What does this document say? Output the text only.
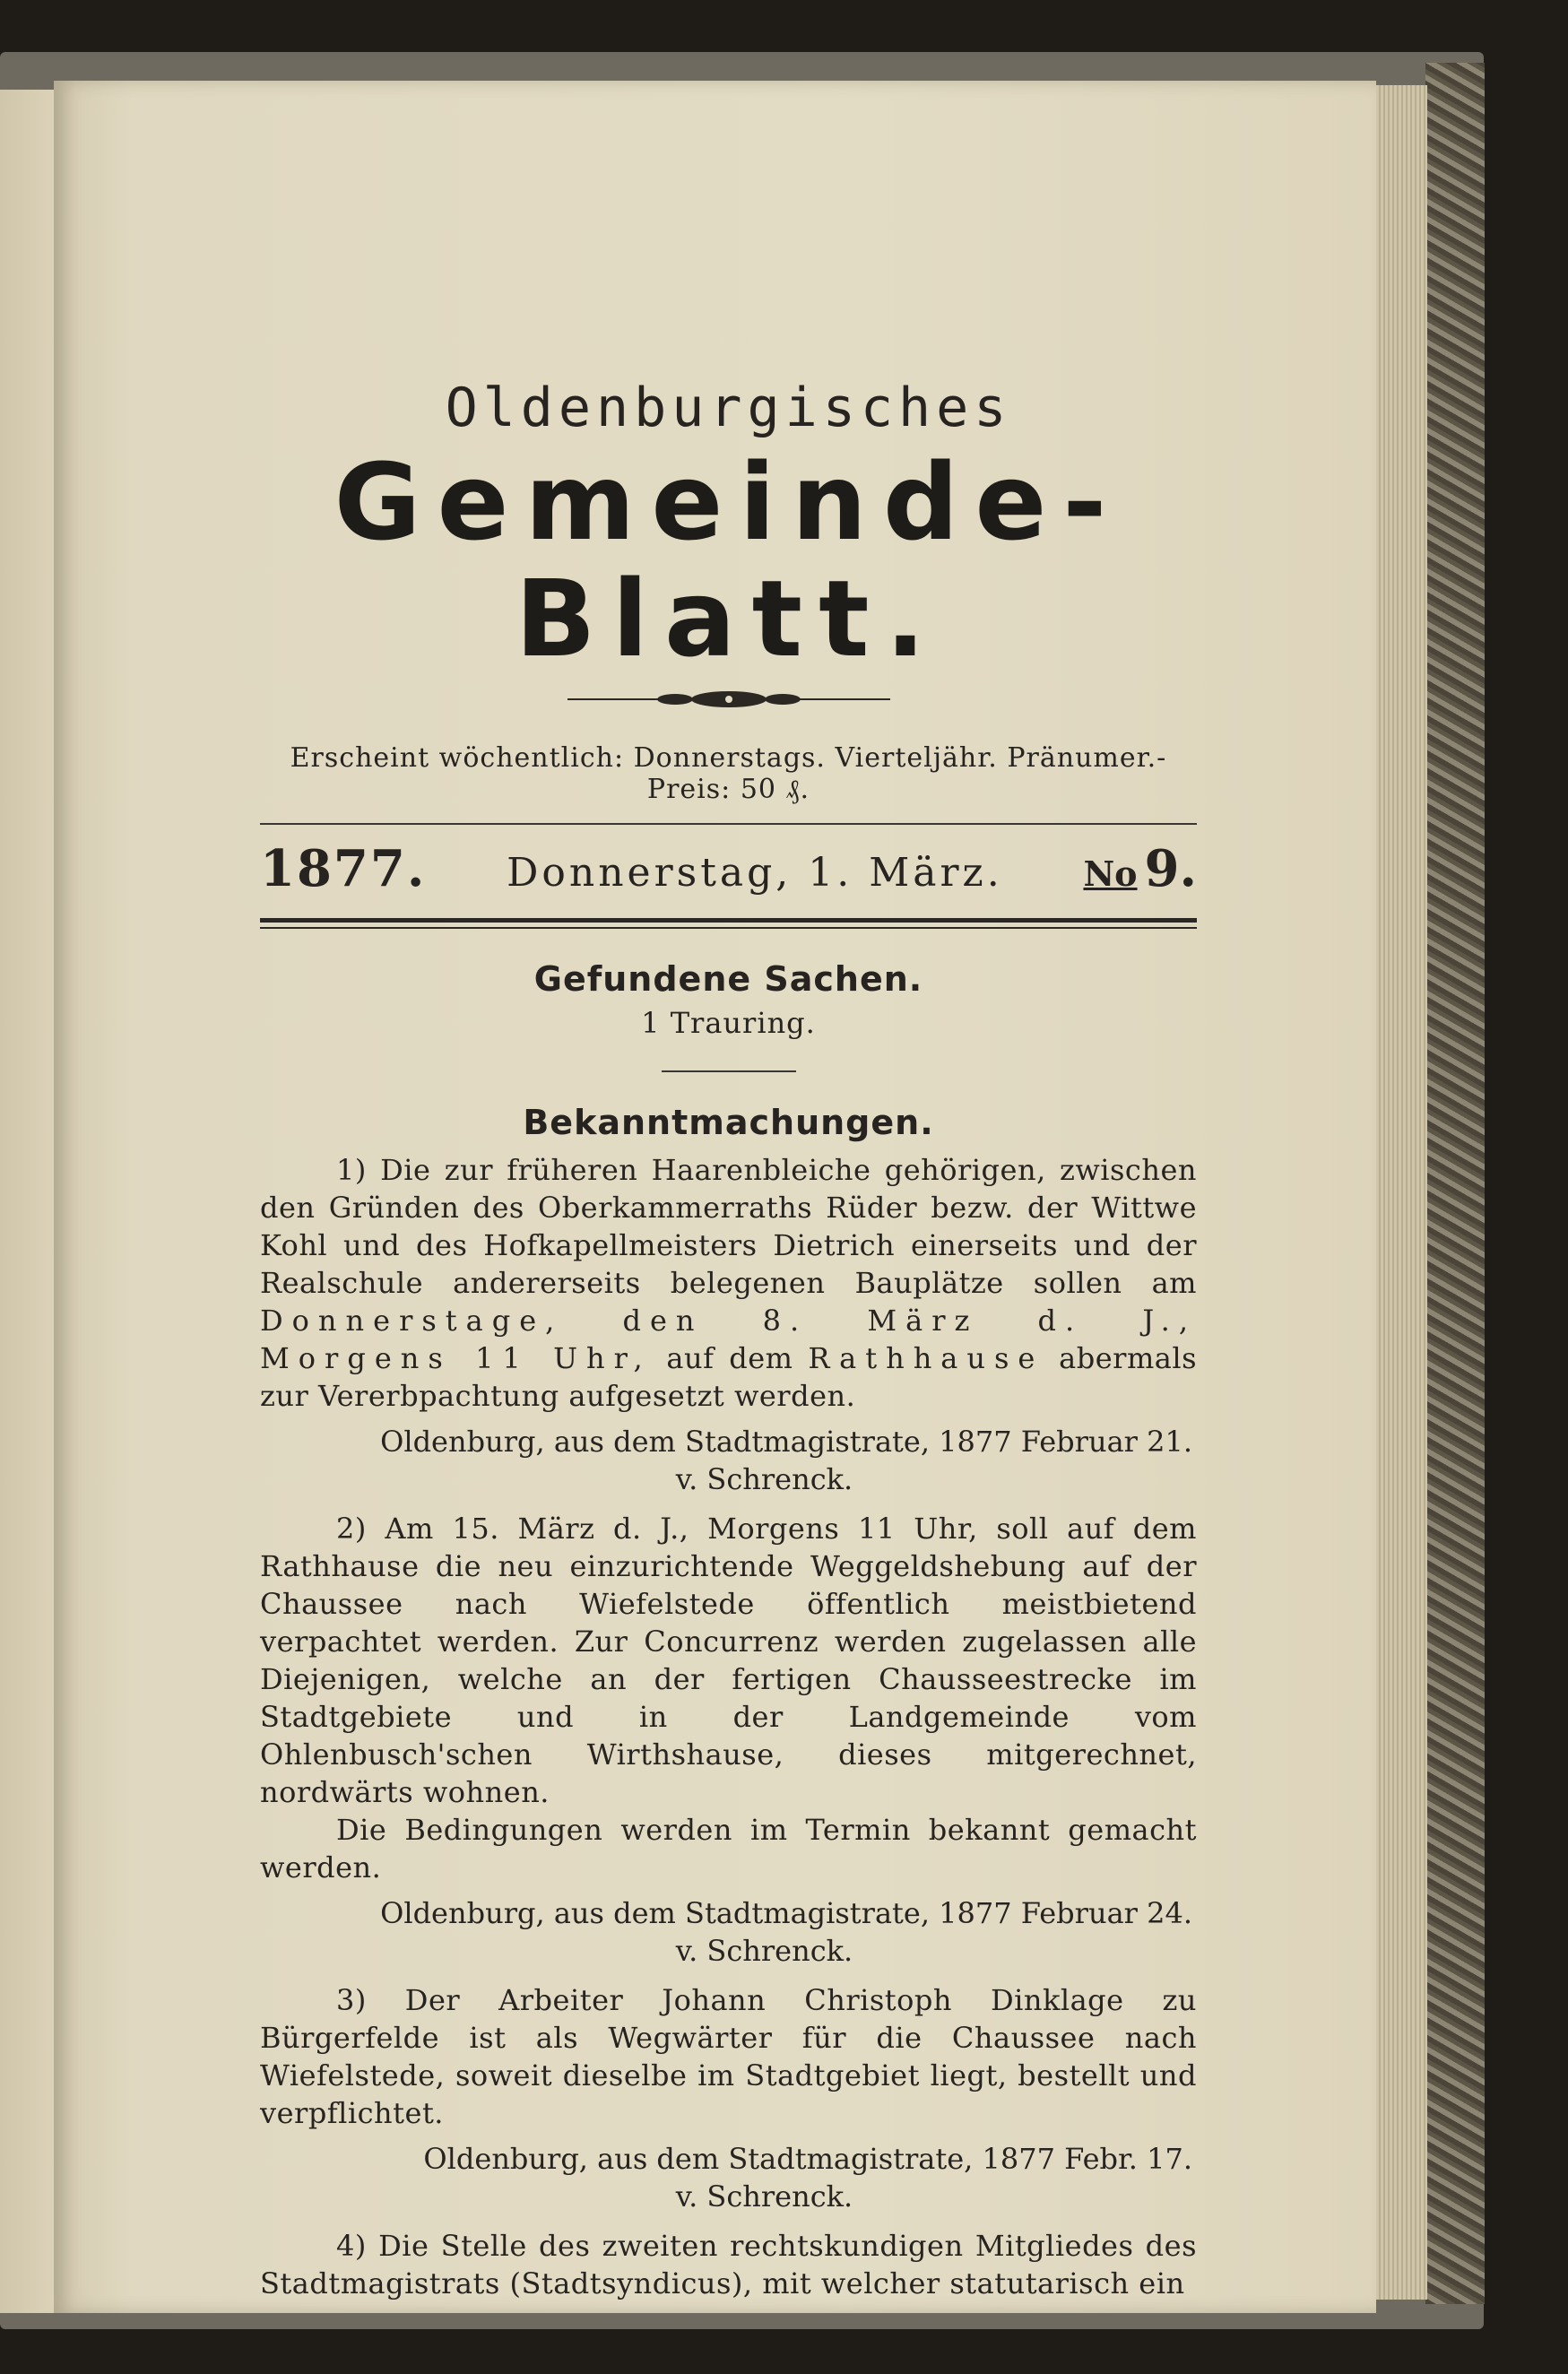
Oldenburgisches
Gemeinde-Blatt.
Erscheint wöchentlich: Donnerstags. Vierteljähr. Pränumer.-Preis: 50 ₰.
1877. Donnerstag, 1. März. No 9.
Gefundene Sachen.
1 Trauring.
Bekanntmachungen.

1) Die zur früheren Haarenbleiche gehörigen, zwischen den Gründen des Oberkammerraths Rüder bezw. der Wittwe Kohl und des Hofkapellmeisters Dietrich einerseits und der Realschule andererseits belegenen Bauplätze sollen am Donnerstage, den 8. März d. J., Morgens 11 Uhr, auf dem Rathhause abermals zur Vererbpachtung aufgesetzt werden.

Oldenburg, aus dem Stadtmagistrate, 1877 Februar 21.

v. Schrenck.

2) Am 15. März d. J., Morgens 11 Uhr, soll auf dem Rathhause die neu einzurichtende Weggeldshebung auf der Chaussee nach Wiefelstede öffentlich meistbietend verpachtet werden. Zur Concurrenz werden zugelassen alle Diejenigen, welche an der fertigen Chausseestrecke im Stadtgebiete und in der Landgemeinde vom Ohlenbusch'schen Wirthshause, dieses mitgerechnet, nordwärts wohnen.

Die Bedingungen werden im Termin bekannt gemacht werden.

Oldenburg, aus dem Stadtmagistrate, 1877 Februar 24.

v. Schrenck.

3) Der Arbeiter Johann Christoph Dinklage zu Bürgerfelde ist als Wegwärter für die Chaussee nach Wiefelstede, soweit dieselbe im Stadtgebiet liegt, bestellt und verpflichtet.

Oldenburg, aus dem Stadtmagistrate, 1877 Febr. 17.

v. Schrenck.

4) Die Stelle des zweiten rechtskundigen Mitgliedes des Stadtmagistrats (Stadtsyndicus), mit welcher statutarisch ein
